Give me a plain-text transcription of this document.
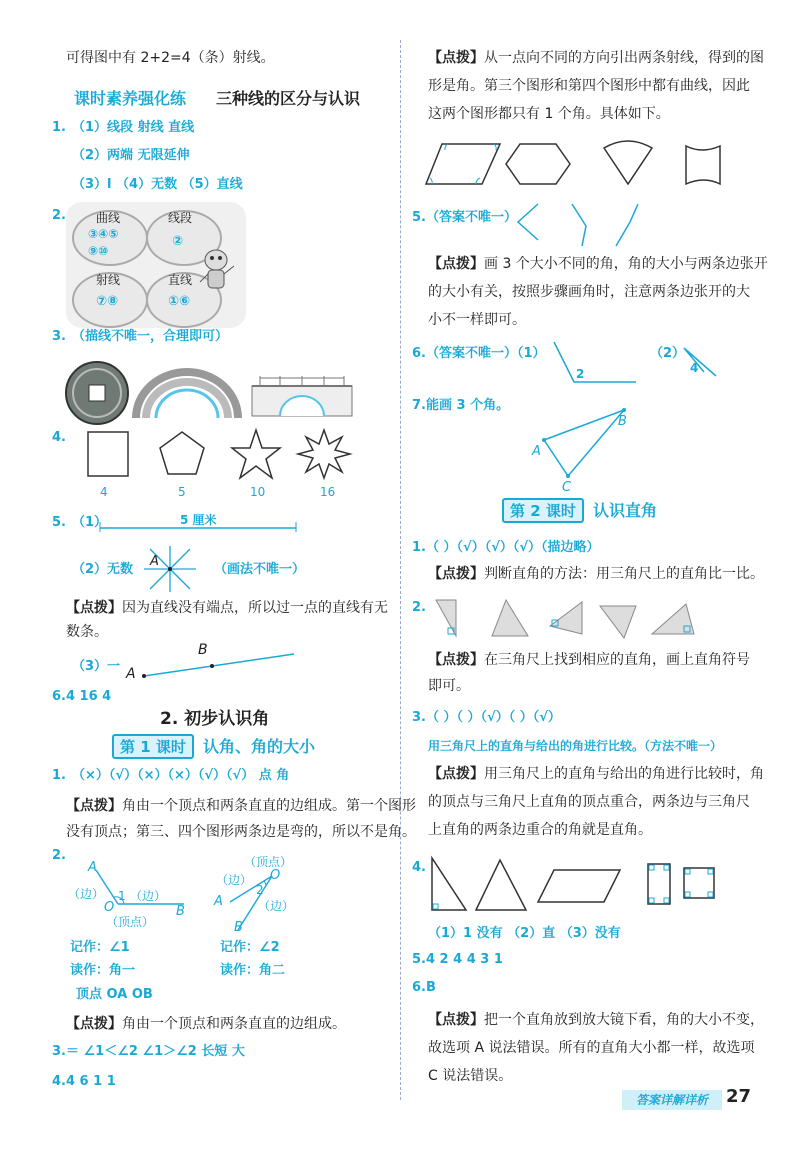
可得图中有 2+2=4（条）射线。
课时素养强化练 三种线的区分与认识
1. （1）线段 射线 直线
（2）两端 无限延伸
（3）l （4）无数 （5）直线
2.	曲线
③④⑤
⑨⑩
线段
②
射线
⑦⑧
直线
①⑥
3. （描线不唯一，合理即可）
4.
4	5	10	16
5. （1）	5 厘米
（2）无数
A
（画法不唯一）
【点拨】因为直线没有端点，所以过一点的直线有无
数条。
（3）一 A
B
6.4 16 4
2. 初步认识角
第 1 课时 认角、角的大小
1. （×）（√）（×）（×）（√）（√） 点 角
【点拨】角由一个顶点和两条直直的边组成。第一个图形
没有顶点；第三、四个图形两条边是弯的，所以不是角。
2.
A
O	B
（边） （边）
1
（顶点）
（顶点）
O
A
B
（边）
（边）
2
记作：∠1
读作：角一
记作：∠2
读作：角二
顶点 OA OB
【点拨】角由一个顶点和两条直直的边组成。
3.＝ ∠1＜∠2 ∠1＞∠2 长短 大
4.4 6 1 1
【点拨】从一点向不同的方向引出两条射线，得到的图
形是角。第三个图形和第四个图形中都有曲线，因此
这两个图形都只有 1 个角。具体如下。
5. （答案不唯一）
【点拨】画 3 个大小不同的角，角的大小与两条边张开
的大小有关，按照步骤画角时，注意两条边张开的大
小不一样即可。
6. （答案不唯一）（1）
2
（2）
4
7. 能画 3 个角。
A
B
C
第 2 课时 认识直角
1. （ ）（√）（√）（√）（描边略）
【点拨】判断直角的方法：用三角尺上的直角比一比。
2.
【点拨】在三角尺上找到相应的直角，画上直角符号
即可。
3. （ ）（ ）（√）（ ）（√）
用三角尺上的直角与给出的角进行比较。（方法不唯一）
【点拨】用三角尺上的直角与给出的角进行比较时，角
的顶点与三角尺上直角的顶点重合，两条边与三角尺
上直角的两条边重合的角就是直角。
4.
（1）1 没有 （2）直 （3）没有
5.4 2 4 4 3 1
6.B
【点拨】把一个直角放到放大镜下看，角的大小不变，
故选项 A 说法错误。所有的直角大小都一样，故选项
C 说法错误。
答案详解详析	27
